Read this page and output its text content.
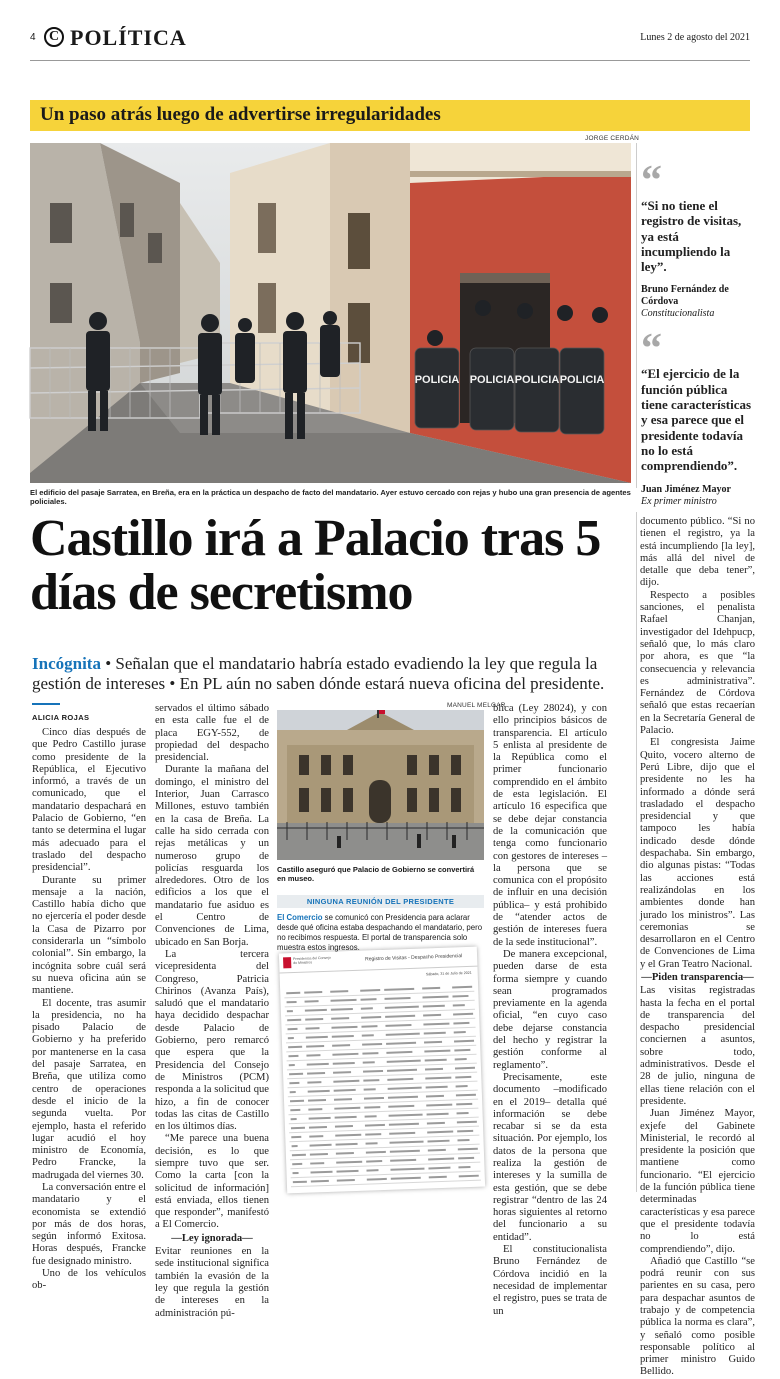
4 C POLÍTICA	Lunes 2 de agosto del 2021
Un paso atrás luego de advertirse irregularidades
JORGE CERDÁN
POLICIA POLICIA POLICIA POLICIA
El edificio del pasaje Sarratea, en Breña, era en la práctica un despacho de facto del mandatario. Ayer estuvo cercado con rejas y hubo una gran presencia de agentes policiales.
“
“Si no tiene el registro de visitas, ya está incumpliendo la ley”.
Bruno Fernández de Córdova
Constitucionalista
“
“El ejercicio de la función pública tiene características y esa parece que el presidente todavía no lo está comprendiendo”.
Juan Jiménez Mayor
Ex primer ministro
Castillo irá a Palacio tras 5 días de secretismo
Incógnita • Señalan que el mandatario habría estado evadiendo la ley que regula la gestión de intereses • En PL aún no saben dónde estará nueva oficina del presidente.
ALICIA ROJAS

Cinco días después de que Pedro Castillo jurase como presidente de la República, el Ejecutivo informó, a través de un comunicado, que el mandatario despachará en Palacio de Gobierno, “en tanto se determina el lugar más adecuado para el traslado del despacho presidencial”.

Durante su primer mensaje a la nación, Castillo había dicho que no ejercería el poder desde la Casa de Pizarro por considerarla un “símbolo colonial”. Sin embargo, la incógnita sobre cuál será su nueva oficina aún se mantiene.

El docente, tras asumir la presidencia, no ha pisado Palacio de Gobierno y ha preferido por mantenerse en la casa del pasaje Sarratea, en Breña, que utiliza como centro de operaciones desde el inicio de la segunda vuelta. Por ejemplo, hasta el referido lugar acudió el hoy ministro de Economía, Pedro Francke, la madrugada del viernes 30.

La conversación entre el mandatario y el economista se extendió por más de dos horas, según informó Exitosa. Horas después, Francke fue designado ministro.

Uno de los vehículos ob-

servados el último sábado en esta calle fue el de placa EGY-552, de propiedad del despacho presidencial.

Durante la mañana del domingo, el ministro del Interior, Juan Carrasco Millones, estuvo también en la casa de Breña. La calle ha sido cerrada con rejas metálicas y un numeroso grupo de policías resguarda los alrededores. Otro de los edificios a los que el mandatario fue asiduo es el Centro de Convenciones de Lima, ubicado en San Borja.

La tercera vicepresidenta del Congreso, Patricia Chirinos (Avanza País), saludó que el mandatario haya decidido despachar desde Palacio de Gobierno, pero remarcó que espera que la Presidencia del Consejo de Ministros (PCM) responda a la solicitud que hizo, a fin de conocer todas las citas de Castillo en los últimos días.

“Me parece una buena decisión, es lo que siempre tuvo que ser. Como la carta [con la solicitud de información] está enviada, ellos tienen que responder”, manifestó a El Comercio.

—Ley ignorada—

Evitar reuniones en la sede institucional significa también la evasión de la ley que regula la gestión de intereses en la administración pú-

MANUEL MELGAR
Castillo aseguró que Palacio de Gobierno se convertirá en museo.
NINGUNA REUNIÓN DEL PRESIDENTE
El Comercio se comunicó con Presidencia para aclarar desde qué oficina estaba despachando el mandatario, pero no recibimos respuesta. El portal de transparencia solo muestra estos ingresos.
Presidencia del Consejo de Ministros
Registro de Visitas - Despacho Presidencial
Sábado, 31 de Julio de 2021

blica (Ley 28024), y con ello principios básicos de transparencia. El artículo 5 enlista al presidente de la República como el primer funcionario comprendido en el ámbito de esta legislación. El artículo 16 especifica que se debe dejar constancia de la comunicación que tenga como funcionario con gestores de intereses –la persona que se comunica con el propósito de influir en una decisión pública– y está prohibido de “atender actos de gestión de intereses fuera de la sede institucional”.

De manera excepcional, pueden darse de esta forma siempre y cuando sean programados previamente en la agenda oficial, “en cuyo caso debe dejarse constancia del hecho y registrar la gestión conforme al reglamento”.

Precisamente, este documento –modificado en el 2019– detalla qué información se debe recabar si se da esta situación. Por ejemplo, los datos de la persona que realiza la gestión de intereses y la sumilla de esta gestión, que se debe registrar “dentro de las 24 horas siguientes al retorno del funcionario a su entidad”.

El constitucionalista Bruno Fernández de Córdova incidió en la necesidad de implementar el registro, pues se trata de un

documento público. “Si no tienen el registro, ya la está incumpliendo [la ley], más allá del nivel de detalle que deba tener”, dijo.

Respecto a posibles sanciones, el penalista Rafael Chanjan, investigador del Idehpucp, señaló que, lo más claro por ahora, es que “la consecuencia y relevancia es administrativa”. Fernández de Córdova señaló que estas recaerían en la Secretaría General de Palacio.

El congresista Jaime Quito, vocero alterno de Perú Libre, dijo que el presidente no les ha informado a dónde será trasladado el despacho presidencial y que tampoco les había indicado desde dónde despachaba. Sin embargo, dio algunas pistas: “Todas las acciones está realizándolas en los ambientes donde han jurado los ministros”. Las ceremonias se desarrollaron en el Centro de Convenciones de Lima y el Gran Teatro Nacional.

—Piden transparencia—

Las visitas registradas hasta la fecha en el portal de transparencia del despacho presidencial conciernen a asuntos, sobre todo, administrativos. Desde el 28 de julio, ninguna de ellas tiene relación con el presidente.

Juan Jiménez Mayor, exjefe del Gabinete Ministerial, le recordó al presidente la posición que mantiene como funcionario. “El ejercicio de la función pública tiene determinadas características y esa parece que el presidente todavía no lo está comprendiendo”, dijo.

Añadió que Castillo “se podrá reunir con sus parientes en su casa, pero para despachar asuntos de trabajo y de competencia pública la norma es clara”, y señaló como posible responsable político al primer ministro Guido Bellido.
